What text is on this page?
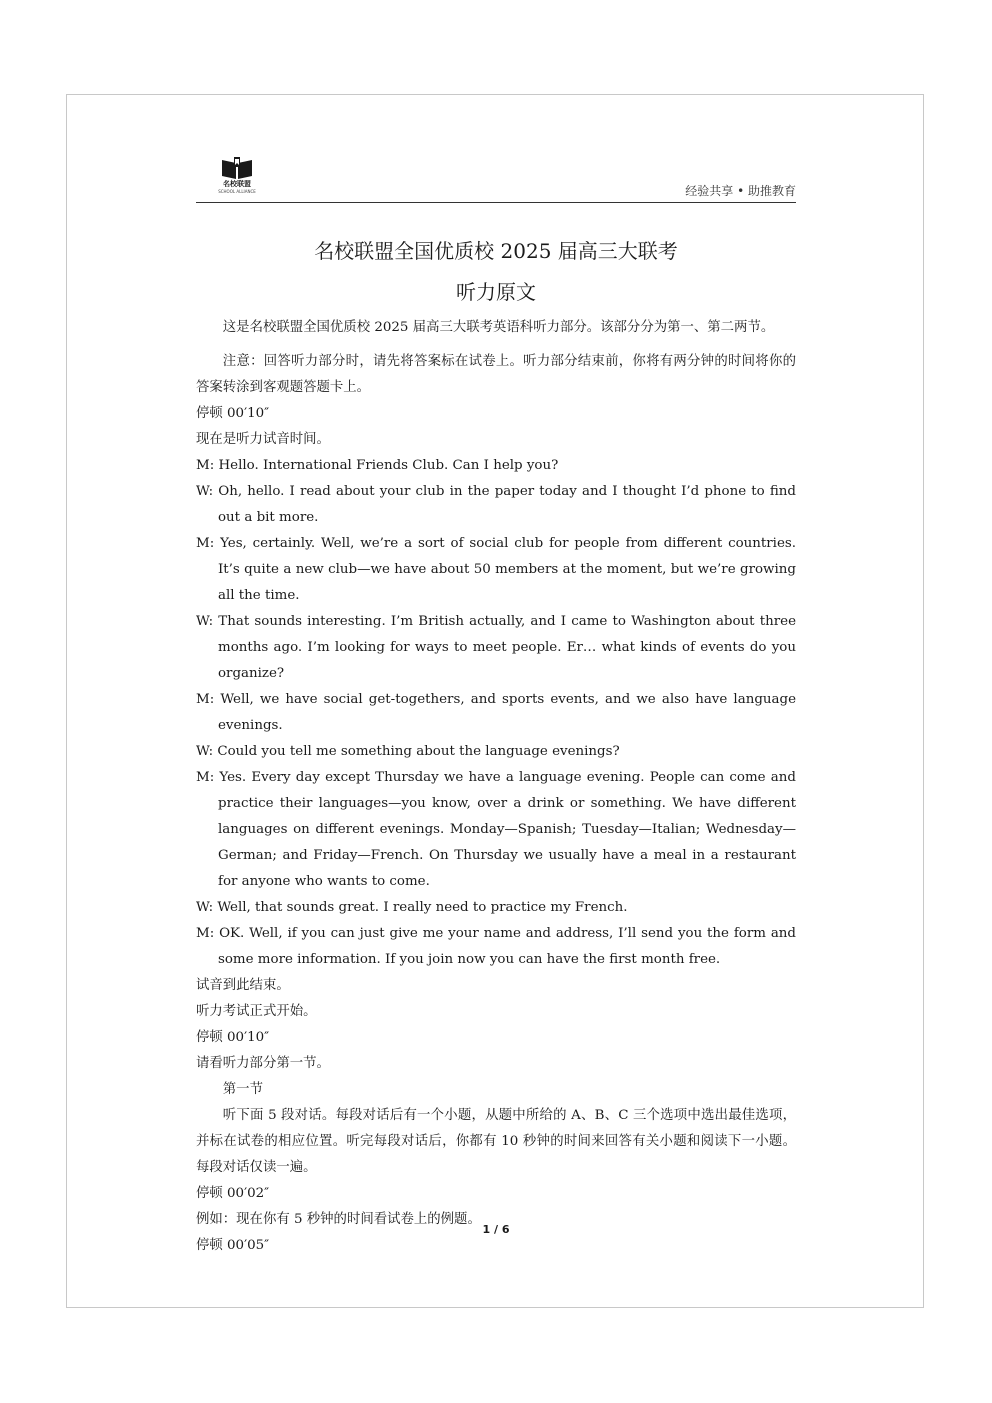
名校联盟
SCHOOL ALLIANCE	经验共享 • 助推教育
名校联盟全国优质校 2025 届高三大联考
听力原文

这是名校联盟全国优质校 2025 届高三大联考英语科听力部分。该部分分为第一、第二两节。

注意：回答听力部分时，请先将答案标在试卷上。听力部分结束前，你将有两分钟的时间将你的答案转涂到客观题答题卡上。

停顿 00′10″

现在是听力试音时间。

M: Hello. International Friends Club. Can I help you?

W: Oh, hello. I read about your club in the paper today and I thought I’d phone to find out a bit more.

M: Yes, certainly. Well, we’re a sort of social club for people from different countries. It’s quite a new club—we have about 50 members at the moment, but we’re growing all the time.

W: That sounds interesting. I’m British actually, and I came to Washington about three months ago. I’m looking for ways to meet people. Er… what kinds of events do you organize?

M: Well, we have social get-togethers, and sports events, and we also have language evenings.

W: Could you tell me something about the language evenings?

M: Yes. Every day except Thursday we have a language evening. People can come and practice their languages—you know, over a drink or something. We have different languages on different evenings. Monday—Spanish; Tuesday—Italian; Wednesday—German; and Friday—French. On Thursday we usually have a meal in a restaurant for anyone who wants to come.

W: Well, that sounds great. I really need to practice my French.

M: OK. Well, if you can just give me your name and address, I’ll send you the form and some more information. If you join now you can have the first month free.

试音到此结束。

听力考试正式开始。

停顿 00′10″

请看听力部分第一节。

第一节

听下面 5 段对话。每段对话后有一个小题，从题中所给的 A、B、C 三个选项中选出最佳选项，并标在试卷的相应位置。听完每段对话后，你都有 10 秒钟的时间来回答有关小题和阅读下一小题。每段对话仅读一遍。

停顿 00′02″

例如：现在你有 5 秒钟的时间看试卷上的例题。

停顿 00′05″

1 / 6
